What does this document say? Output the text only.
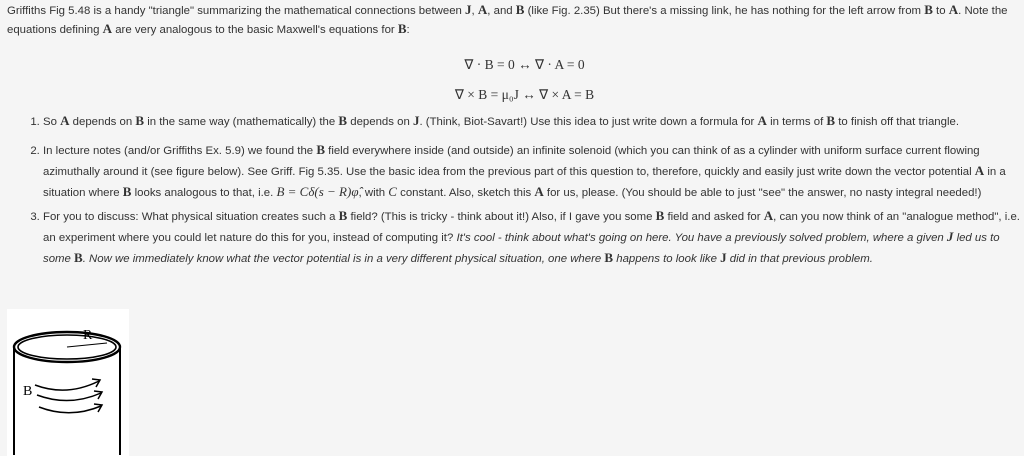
Griffiths Fig 5.48 is a handy "triangle" summarizing the mathematical connections between J, A, and B (like Fig. 2.35) But there's a missing link, he has nothing for the left arrow from B to A. Note the equations defining A are very analogous to the basic Maxwell's equations for B:

∇ · B = 0 ↔ ∇ · A = 0
∇ × B = μ₀J ↔ ∇ × A = B
1. So A depends on B in the same way (mathematically) the B depends on J. (Think, Biot-Savart!) Use this idea to just write down a formula for A in terms of B to finish off that triangle.
2. In lecture notes (and/or Griffiths Ex. 5.9) we found the B field everywhere inside (and outside) an infinite solenoid (which you can think of as a cylinder with uniform surface current flowing azimuthally around it (see figure below). See Griff. Fig 5.35. Use the basic idea from the previous part of this question to, therefore, quickly and easily just write down the vector potential A in a situation where B looks analogous to that, i.e. B = Cδ(s − R)φ̂, with C constant. Also, sketch this A for us, please. (You should be able to just "see" the answer, no nasty integral needed!)
3. For you to discuss: What physical situation creates such a B field? (This is tricky - think about it!) Also, if I gave you some B field and asked for A, can you now think of an "analogue method", i.e. an experiment where you could let nature do this for you, instead of computing it? It's cool - think about what's going on here. You have a previously solved problem, where a given J led us to some B. Now we immediately know what the vector potential is in a very different physical situation, one where B happens to look like J did in that previous problem.
R
B
